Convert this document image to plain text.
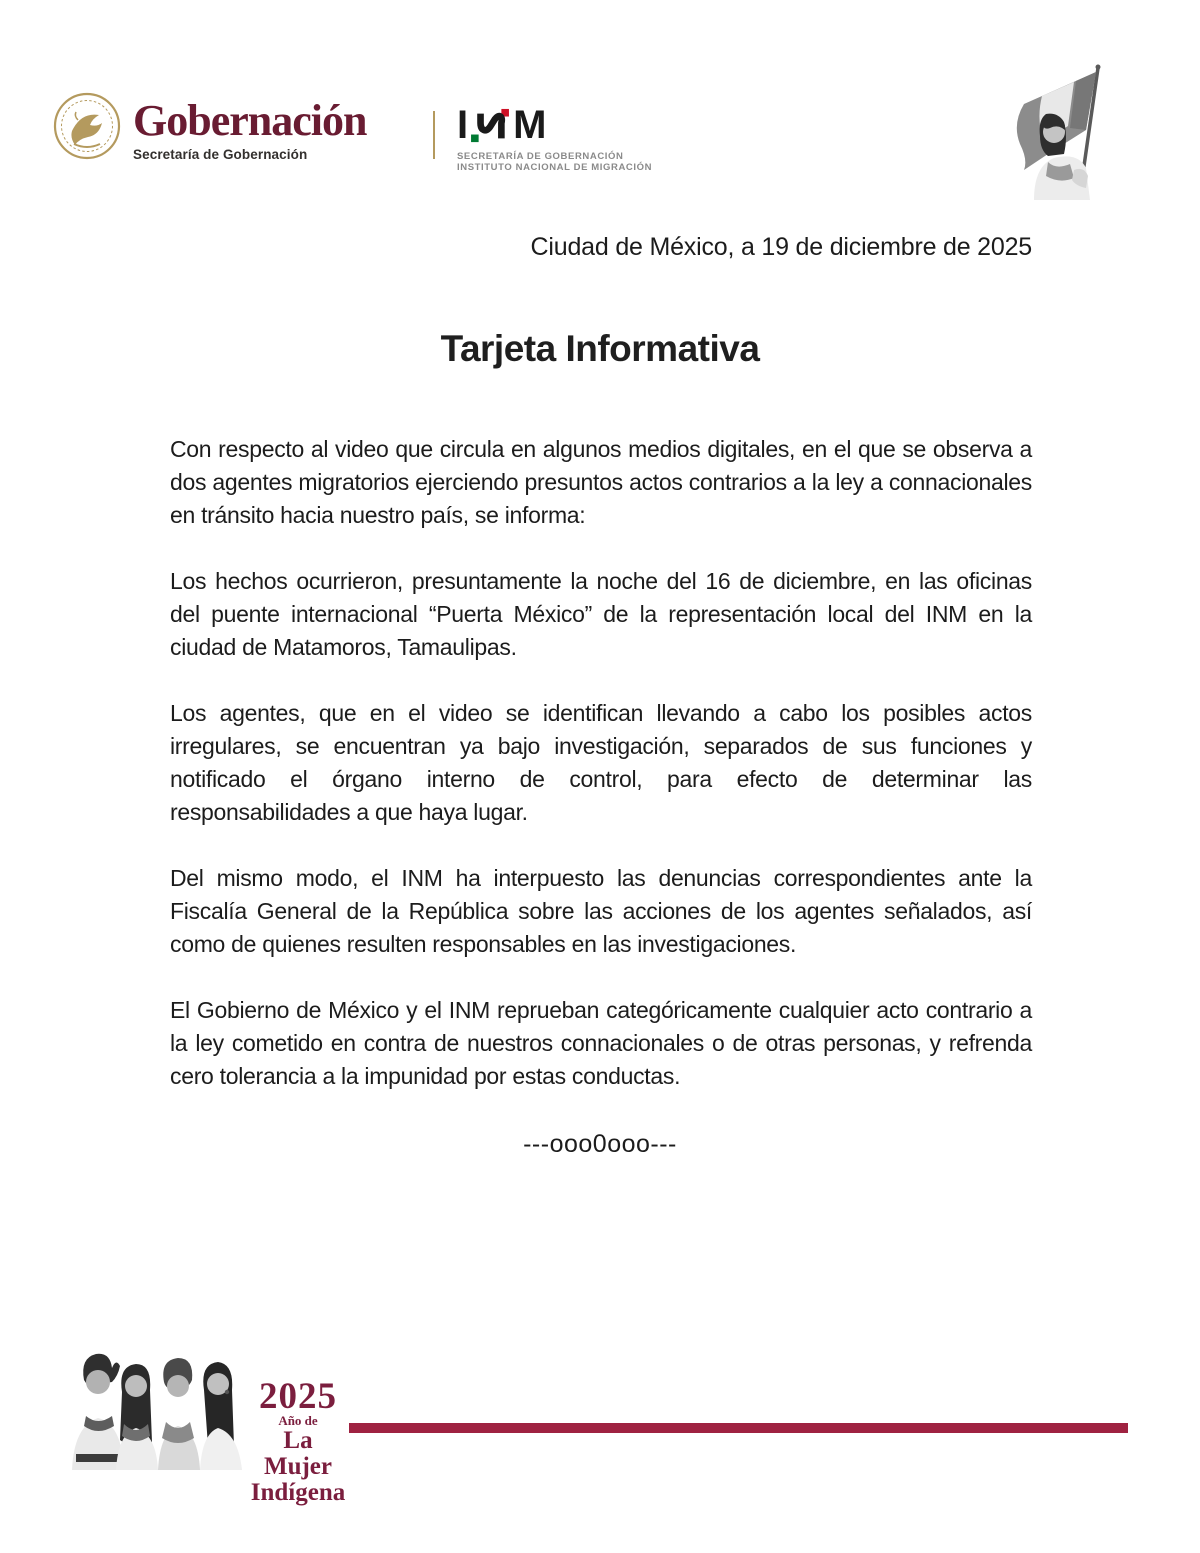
Gobernación
Secretaría de Gobernación
I M
SECRETARÍA DE GOBERNACIÓN
INSTITUTO NACIONAL DE MIGRACIÓN
Ciudad de México, a 19 de diciembre de 2025
Tarjeta Informativa

Con respecto al video que circula en algunos medios digitales, en el que se observa a dos agentes migratorios ejerciendo presuntos actos contrarios a la ley a connacionales en tránsito hacia nuestro país, se informa:

Los hechos ocurrieron, presuntamente la noche del 16 de diciembre, en las oficinas del puente internacional “Puerta México” de la representación local del INM en la ciudad de Matamoros, Tamaulipas.

Los agentes, que en el video se identifican llevando a cabo los posibles actos irregulares, se encuentran ya bajo investigación, separados de sus funciones y notificado el órgano interno de control, para efecto de determinar las responsabilidades a que haya lugar.

Del mismo modo, el INM ha interpuesto las denuncias correspondientes ante la Fiscalía General de la República sobre las acciones de los agentes señalados, así como de quienes resulten responsables en las investigaciones.

El Gobierno de México y el INM reprueban categóricamente cualquier acto contrario a la ley cometido en contra de nuestros connacionales o de otras personas, y refrenda cero tolerancia a la impunidad por estas conductas.

---ooo0ooo---
2025
Año de
La Mujer
Indígena
